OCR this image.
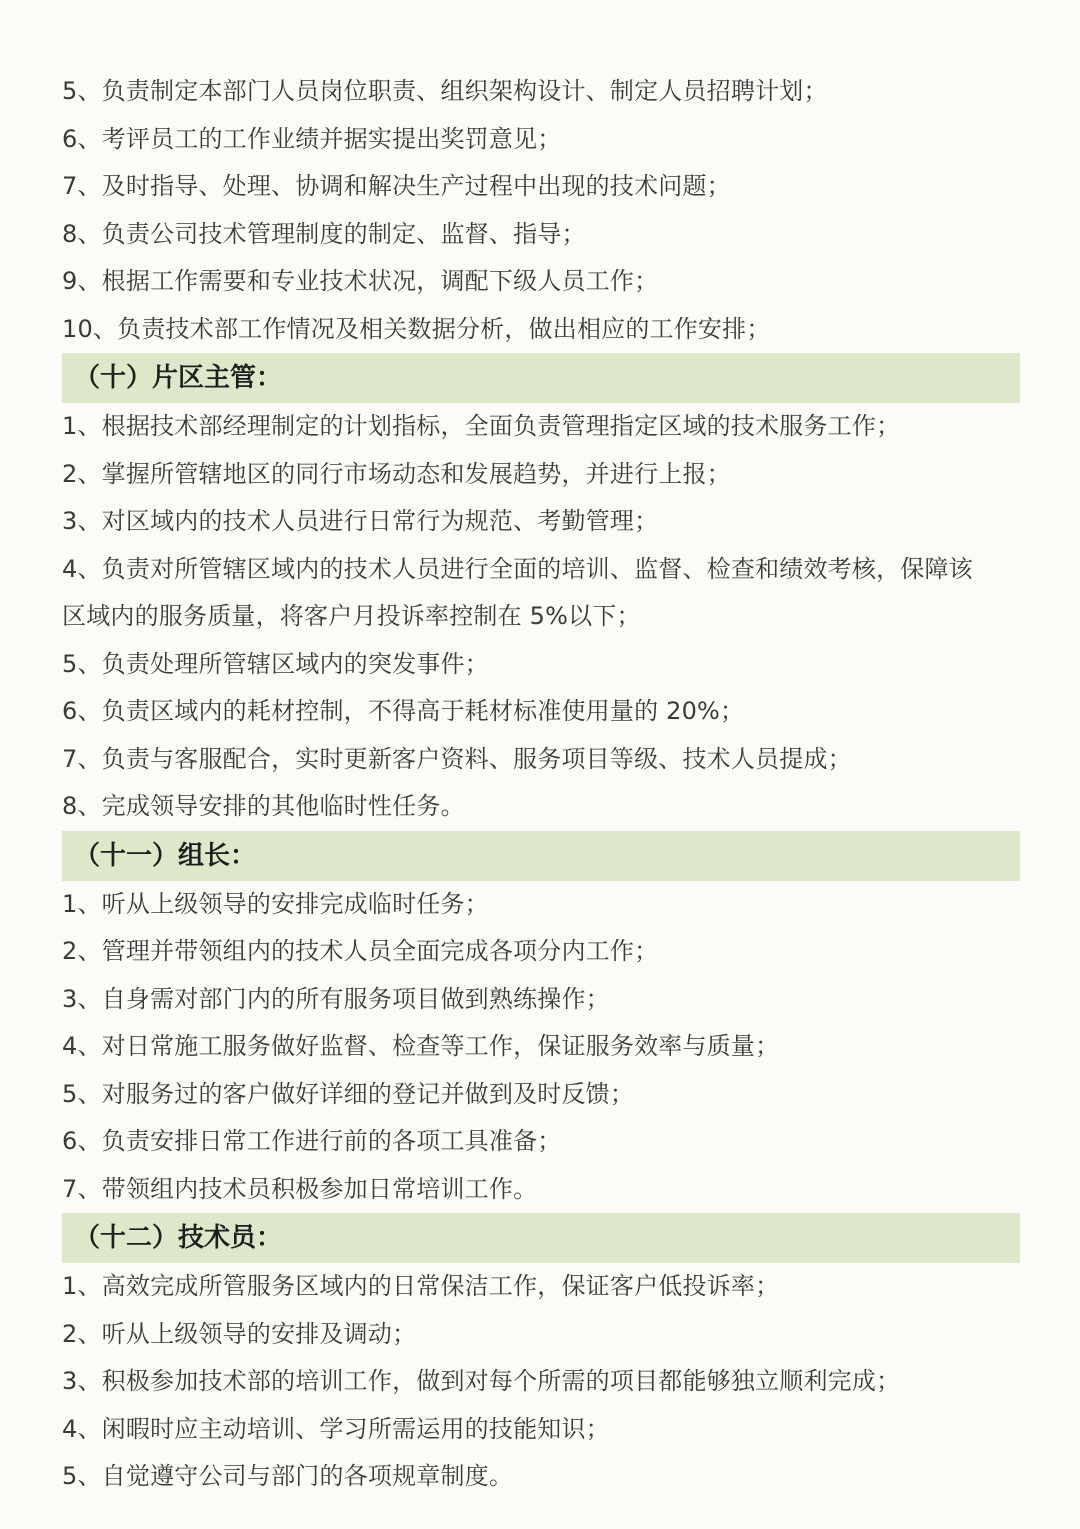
5、负责制定本部门人员岗位职责、组织架构设计、制定人员招聘计划；
6、考评员工的工作业绩并据实提出奖罚意见；
7、及时指导、处理、协调和解决生产过程中出现的技术问题；
8、负责公司技术管理制度的制定、监督、指导；
9、根据工作需要和专业技术状况，调配下级人员工作；
10、负责技术部工作情况及相关数据分析，做出相应的工作安排；
（十）片区主管：
1、根据技术部经理制定的计划指标，全面负责管理指定区域的技术服务工作；
2、掌握所管辖地区的同行市场动态和发展趋势，并进行上报；
3、对区域内的技术人员进行日常行为规范、考勤管理；
4、负责对所管辖区域内的技术人员进行全面的培训、监督、检查和绩效考核，保障该
区域内的服务质量，将客户月投诉率控制在 5%以下；
5、负责处理所管辖区域内的突发事件；
6、负责区域内的耗材控制，不得高于耗材标准使用量的 20%；
7、负责与客服配合，实时更新客户资料、服务项目等级、技术人员提成；
8、完成领导安排的其他临时性任务。
（十一）组长：
1、听从上级领导的安排完成临时任务；
2、管理并带领组内的技术人员全面完成各项分内工作；
3、自身需对部门内的所有服务项目做到熟练操作；
4、对日常施工服务做好监督、检查等工作，保证服务效率与质量；
5、对服务过的客户做好详细的登记并做到及时反馈；
6、负责安排日常工作进行前的各项工具准备；
7、带领组内技术员积极参加日常培训工作。
（十二）技术员：
1、高效完成所管服务区域内的日常保洁工作，保证客户低投诉率；
2、听从上级领导的安排及调动；
3、积极参加技术部的培训工作，做到对每个所需的项目都能够独立顺利完成；
4、闲暇时应主动培训、学习所需运用的技能知识；
5、自觉遵守公司与部门的各项规章制度。
